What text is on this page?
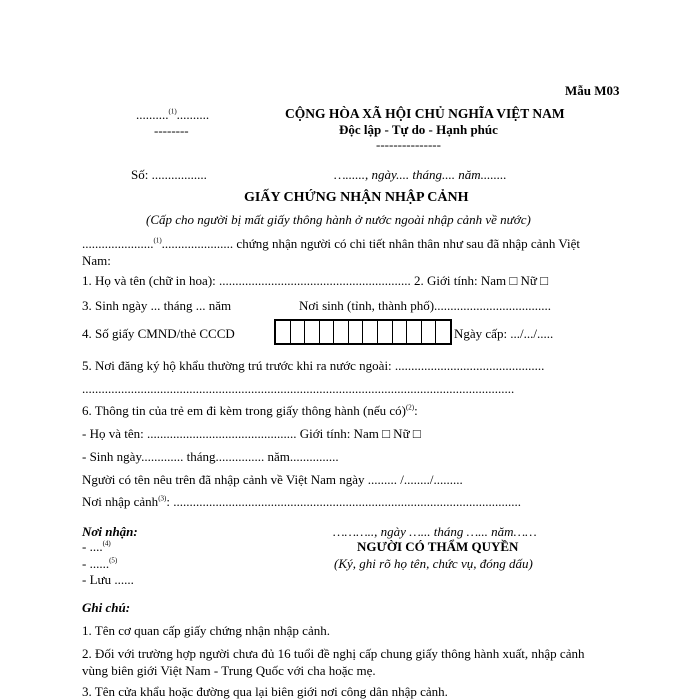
Mẫu M03
..........$^{(1)}$..........
--------
CỘNG HÒA XÃ HỘI CHỦ NGHĨA VIỆT NAM
Độc lập - Tự do - Hạnh phúc
---------------
Số: .................	…......, ngày.... tháng.... năm........
GIẤY CHỨNG NHẬN NHẬP CẢNH
(Cấp cho người bị mất giấy thông hành ở nước ngoài nhập cảnh về nước)
......................$^{(1)}$...................... chứng nhận người có chi tiết nhân thân như sau đã nhập cảnh Việt
Nam:
1. Họ và tên (chữ in hoa): ........................................................... 2. Giới tính: Nam □ Nữ □
3. Sinh ngày ... tháng ... năm	Nơi sinh (tỉnh, thành phố)....................................
4. Số giấy CMND/thẻ CCCD	Ngày cấp: .../.../.....
5. Nơi đăng ký hộ khẩu thường trú trước khi ra nước ngoài: ..............................................
.....................................................................................................................................
6. Thông tin của trẻ em đi kèm trong giấy thông hành (nếu có)$^{(2)}$:
- Họ và tên: .............................................. Giới tính: Nam □ Nữ □
- Sinh ngày............. tháng............... năm...............
Người có tên nêu trên đã nhập cảnh về Việt Nam ngày ......... /......../.........
Nơi nhập cảnh$^{(3)}$: ...........................................................................................................
Nơi nhận:
- ....$^{(4)}$
- ......$^{(5)}$
- Lưu ......
……….., ngày …... tháng …... năm……
NGƯỜI CÓ THẨM QUYỀN
(Ký, ghi rõ họ tên, chức vụ, đóng dấu)
Ghi chú:
1. Tên cơ quan cấp giấy chứng nhận nhập cảnh.
2. Đối với trường hợp người chưa đủ 16 tuổi đề nghị cấp chung giấy thông hành xuất, nhập cảnh
vùng biên giới Việt Nam - Trung Quốc với cha hoặc mẹ.
3. Tên cửa khẩu hoặc đường qua lại biên giới nơi công dân nhập cảnh.
